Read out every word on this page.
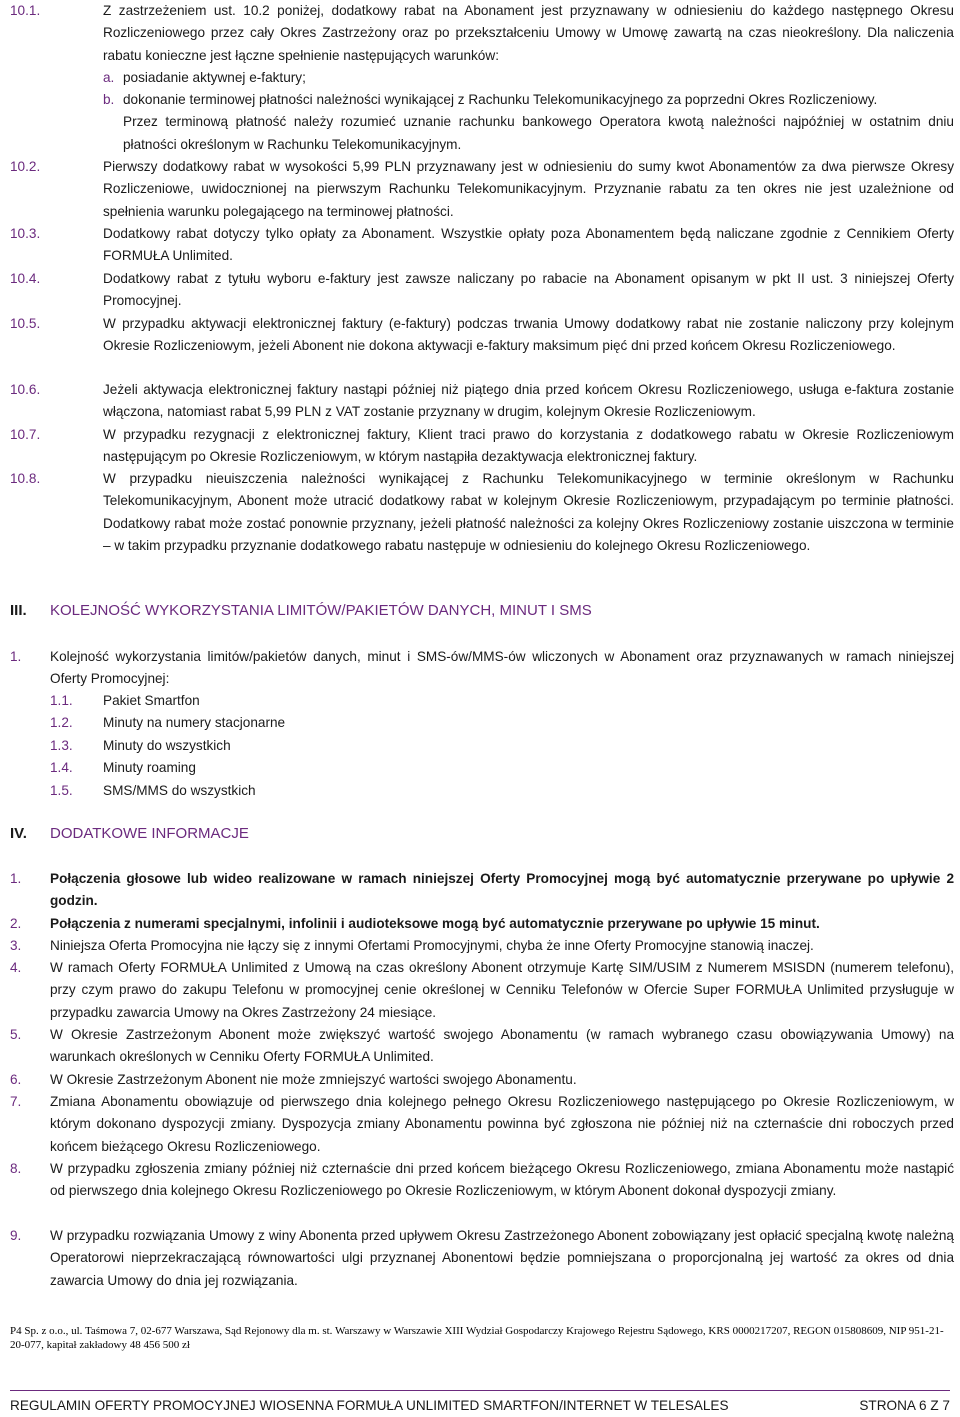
10.1.	Z zastrzeżeniem ust. 10.2 poniżej, dodatkowy rabat na Abonament jest przyznawany w odniesieniu do każdego następnego Okresu Rozliczeniowego przez cały Okres Zastrzeżony oraz po przekształceniu Umowy w Umowę zawartą na czas nieokreślony. Dla naliczenia rabatu konieczne jest łączne spełnienie następujących warunków:
a. posiadanie aktywnej e-faktury;
b. dokonanie terminowej płatności należności wynikającej z Rachunku Telekomunikacyjnego za poprzedni Okres Rozliczeniowy.
Przez terminową płatność należy rozumieć uznanie rachunku bankowego Operatora kwotą należności najpóźniej w ostatnim dniu płatności określonym w Rachunku Telekomunikacyjnym.
10.2.	Pierwszy dodatkowy rabat w wysokości 5,99 PLN przyznawany jest w odniesieniu do sumy kwot Abonamentów za dwa pierwsze Okresy Rozliczeniowe, uwidocznionej na pierwszym Rachunku Telekomunikacyjnym. Przyznanie rabatu za ten okres nie jest uzależnione od spełnienia warunku polegającego na terminowej płatności.
10.3.	Dodatkowy rabat dotyczy tylko opłaty za Abonament. Wszystkie opłaty poza Abonamentem będą naliczane zgodnie z Cennikiem Oferty FORMUŁA Unlimited.
10.4.	Dodatkowy rabat z tytułu wyboru e-faktury jest zawsze naliczany po rabacie na Abonament opisanym w pkt II ust. 3 niniejszej Oferty Promocyjnej.
10.5.	W przypadku aktywacji elektronicznej faktury (e-faktury) podczas trwania Umowy dodatkowy rabat nie zostanie naliczony przy kolejnym Okresie Rozliczeniowym, jeżeli Abonent nie dokona aktywacji e-faktury maksimum pięć dni przed końcem Okresu Rozliczeniowego.
10.6.	Jeżeli aktywacja elektronicznej faktury nastąpi później niż piątego dnia przed końcem Okresu Rozliczeniowego, usługa e-faktura zostanie włączona, natomiast rabat 5,99 PLN z VAT zostanie przyznany w drugim, kolejnym Okresie Rozliczeniowym.
10.7.	W przypadku rezygnacji z elektronicznej faktury, Klient traci prawo do korzystania z dodatkowego rabatu w Okresie Rozliczeniowym następującym po Okresie Rozliczeniowym, w którym nastąpiła dezaktywacja elektronicznej faktury.
10.8.	W przypadku nieuiszczenia należności wynikającej z Rachunku Telekomunikacyjnego w terminie określonym w Rachunku Telekomunikacyjnym, Abonent może utracić dodatkowy rabat w kolejnym Okresie Rozliczeniowym, przypadającym po terminie płatności. Dodatkowy rabat może zostać ponownie przyznany, jeżeli płatność należności za kolejny Okres Rozliczeniowy zostanie uiszczona w terminie – w takim przypadku przyznanie dodatkowego rabatu następuje w odniesieniu do kolejnego Okresu Rozliczeniowego.
III. KOLEJNOŚĆ WYKORZYSTANIA LIMITÓW/PAKIETÓW DANYCH, MINUT I SMS
1. Kolejność wykorzystania limitów/pakietów danych, minut i SMS-ów/MMS-ów wliczonych w Abonament oraz przyznawanych w ramach niniejszej Oferty Promocyjnej:
1.1. Pakiet Smartfon
1.2. Minuty na numery stacjonarne
1.3. Minuty do wszystkich
1.4. Minuty roaming
1.5. SMS/MMS do wszystkich
IV. DODATKOWE INFORMACJE
1. Połączenia głosowe lub wideo realizowane w ramach niniejszej Oferty Promocyjnej mogą być automatycznie przerywane po upływie 2 godzin.
2. Połączenia z numerami specjalnymi, infolinii i audioteksowe mogą być automatycznie przerywane po upływie 15 minut.
3. Niniejsza Oferta Promocyjna nie łączy się z innymi Ofertami Promocyjnymi, chyba że inne Oferty Promocyjne stanowią inaczej.
4. W ramach Oferty FORMUŁA Unlimited z Umową na czas określony Abonent otrzymuje Kartę SIM/USIM z Numerem MSISDN (numerem telefonu), przy czym prawo do zakupu Telefonu w promocyjnej cenie określonej w Cenniku Telefonów w Ofercie Super FORMUŁA Unlimited przysługuje w przypadku zawarcia Umowy na Okres Zastrzeżony 24 miesiące.
5. W Okresie Zastrzeżonym Abonent może zwiększyć wartość swojego Abonamentu (w ramach wybranego czasu obowiązywania Umowy) na warunkach określonych w Cenniku Oferty FORMUŁA Unlimited.
6. W Okresie Zastrzeżonym Abonent nie może zmniejszyć wartości swojego Abonamentu.
7. Zmiana Abonamentu obowiązuje od pierwszego dnia kolejnego pełnego Okresu Rozliczeniowego następującego po Okresie Rozliczeniowym, w którym dokonano dyspozycji zmiany. Dyspozycja zmiany Abonamentu powinna być zgłoszona nie później niż na czternaście dni roboczych przed końcem bieżącego Okresu Rozliczeniowego.
8. W przypadku zgłoszenia zmiany później niż czternaście dni przed końcem bieżącego Okresu Rozliczeniowego, zmiana Abonamentu może nastąpić od pierwszego dnia kolejnego Okresu Rozliczeniowego po Okresie Rozliczeniowym, w którym Abonent dokonał dyspozycji zmiany.
9. W przypadku rozwiązania Umowy z winy Abonenta przed upływem Okresu Zastrzeżonego Abonent zobowiązany jest opłacić specjalną kwotę należną Operatorowi nieprzekraczającą równowartości ulgi przyznanej Abonentowi będzie pomniejszana o proporcjonalną jej wartość za okres od dnia zawarcia Umowy do dnia jej rozwiązania.
P4 Sp. z o.o., ul. Taśmowa 7, 02-677 Warszawa, Sąd Rejonowy dla m. st. Warszawy w Warszawie XIII Wydział Gospodarczy Krajowego Rejestru Sądowego, KRS 0000217207, REGON 015808609, NIP 951-21-20-077, kapitał zakładowy 48 456 500 zł
REGULAMIN OFERTY PROMOCYJNEJ WIOSENNA FORMUŁA UNLIMITED SMARTFON/INTERNET W TELESALES	STRONA 6 Z 7
